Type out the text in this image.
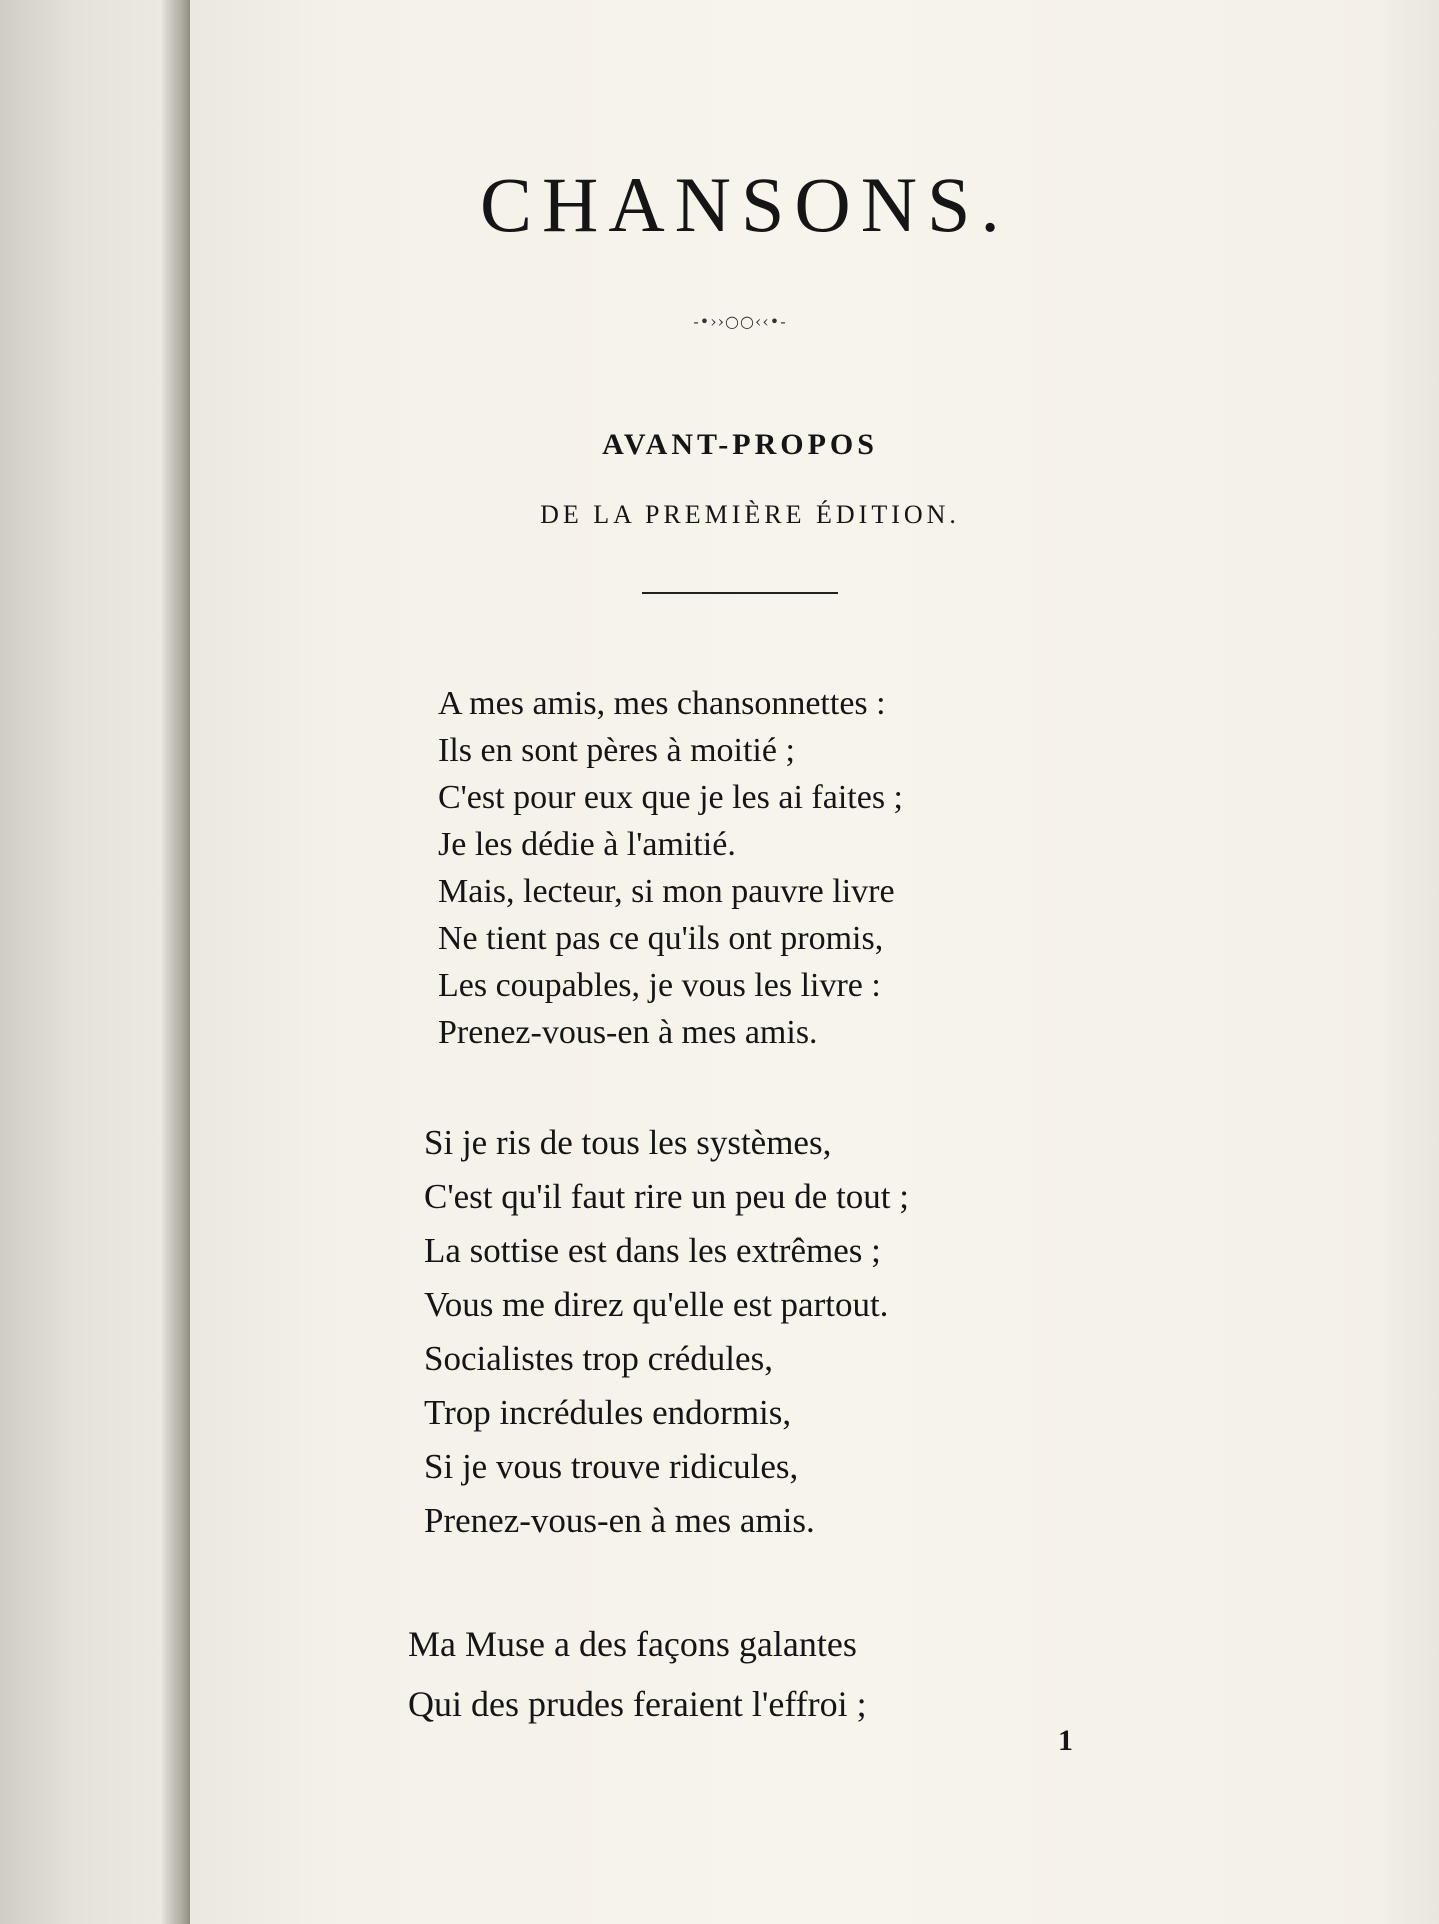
CHANSONS.
-•››○○‹‹•-
AVANT-PROPOS
DE LA PREMIÈRE ÉDITION.
A mes amis, mes chansonnettes :
Ils en sont pères à moitié ;
C'est pour eux que je les ai faites ;
Je les dédie à l'amitié.
Mais, lecteur, si mon pauvre livre
Ne tient pas ce qu'ils ont promis,
Les coupables, je vous les livre :
Prenez-vous-en à mes amis.
Si je ris de tous les systèmes,
C'est qu'il faut rire un peu de tout ;
La sottise est dans les extrêmes ;
Vous me direz qu'elle est partout.
Socialistes trop crédules,
Trop incrédules endormis,
Si je vous trouve ridicules,
Prenez-vous-en à mes amis.
Ma Muse a des façons galantes
Qui des prudes feraient l'effroi ;
1
